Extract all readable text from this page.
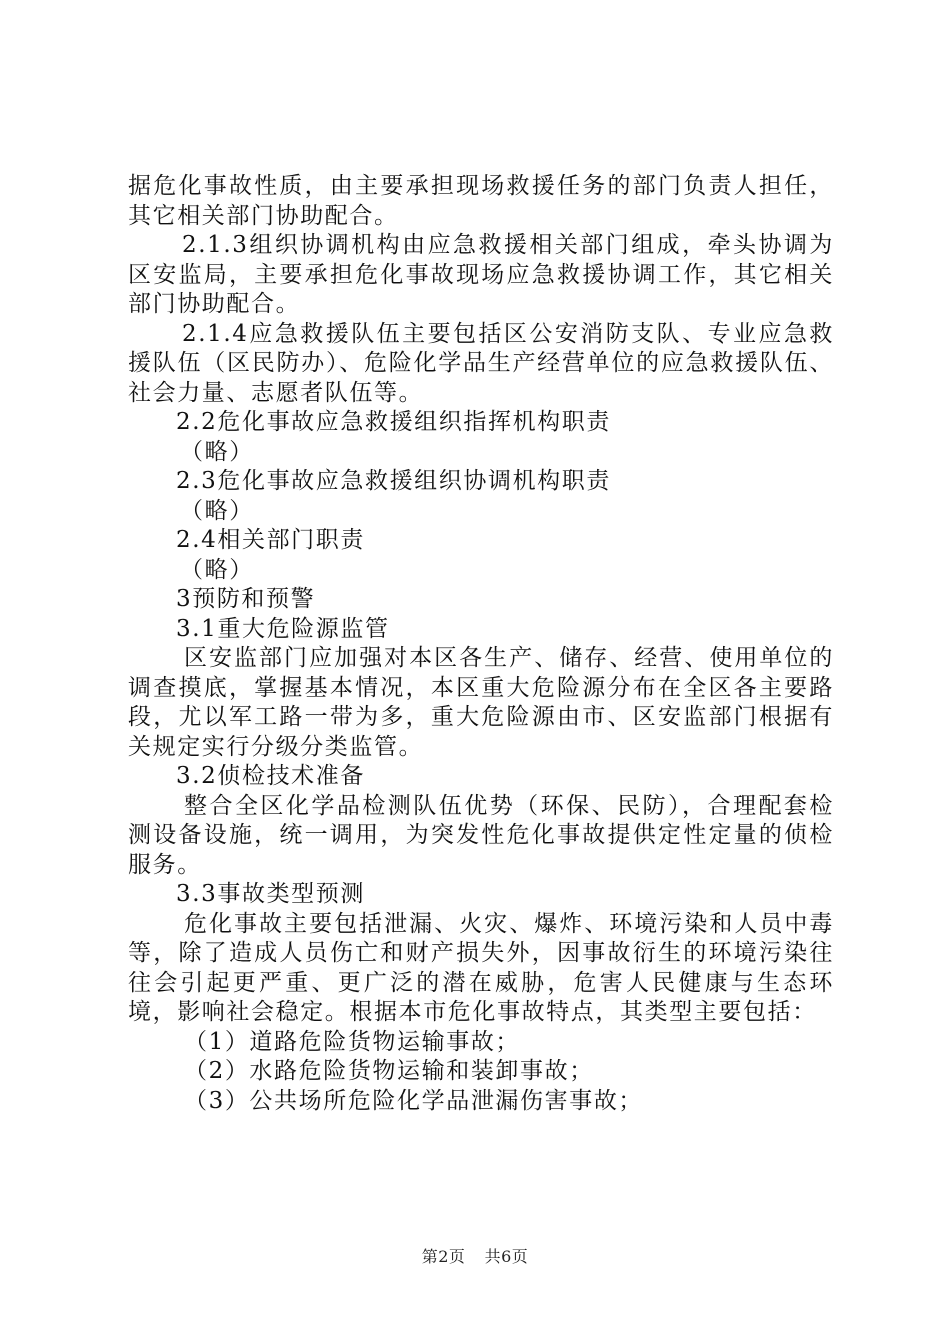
据危化事故性质，由主要承担现场救援任务的部门负责人担任，其它相关部门协助配合。

2.1.3组织协调机构由应急救援相关部门组成，牵头协调为区安监局，主要承担危化事故现场应急救援协调工作，其它相关部门协助配合。

2.1.4应急救援队伍主要包括区公安消防支队、专业应急救援队伍（区民防办）、危险化学品生产经营单位的应急救援队伍、社会力量、志愿者队伍等。

2.2危化事故应急救援组织指挥机构职责

（略）

2.3危化事故应急救援组织协调机构职责

（略）

2.4相关部门职责

（略）

3预防和预警

3.1重大危险源监管

区安监部门应加强对本区各生产、储存、经营、使用单位的调查摸底，掌握基本情况，本区重大危险源分布在全区各主要路段，尤以军工路一带为多，重大危险源由市、区安监部门根据有关规定实行分级分类监管。

3.2侦检技术准备

整合全区化学品检测队伍优势（环保、民防），合理配套检测设备设施，统一调用，为突发性危化事故提供定性定量的侦检服务。

3.3事故类型预测

危化事故主要包括泄漏、火灾、爆炸、环境污染和人员中毒等，除了造成人员伤亡和财产损失外，因事故衍生的环境污染往往会引起更严重、更广泛的潜在威胁，危害人民健康与生态环境，影响社会稳定。根据本市危化事故特点，其类型主要包括：

（1）道路危险货物运输事故；

（2）水路危险货物运输和装卸事故；

（3）公共场所危险化学品泄漏伤害事故；

第2页 共6页
